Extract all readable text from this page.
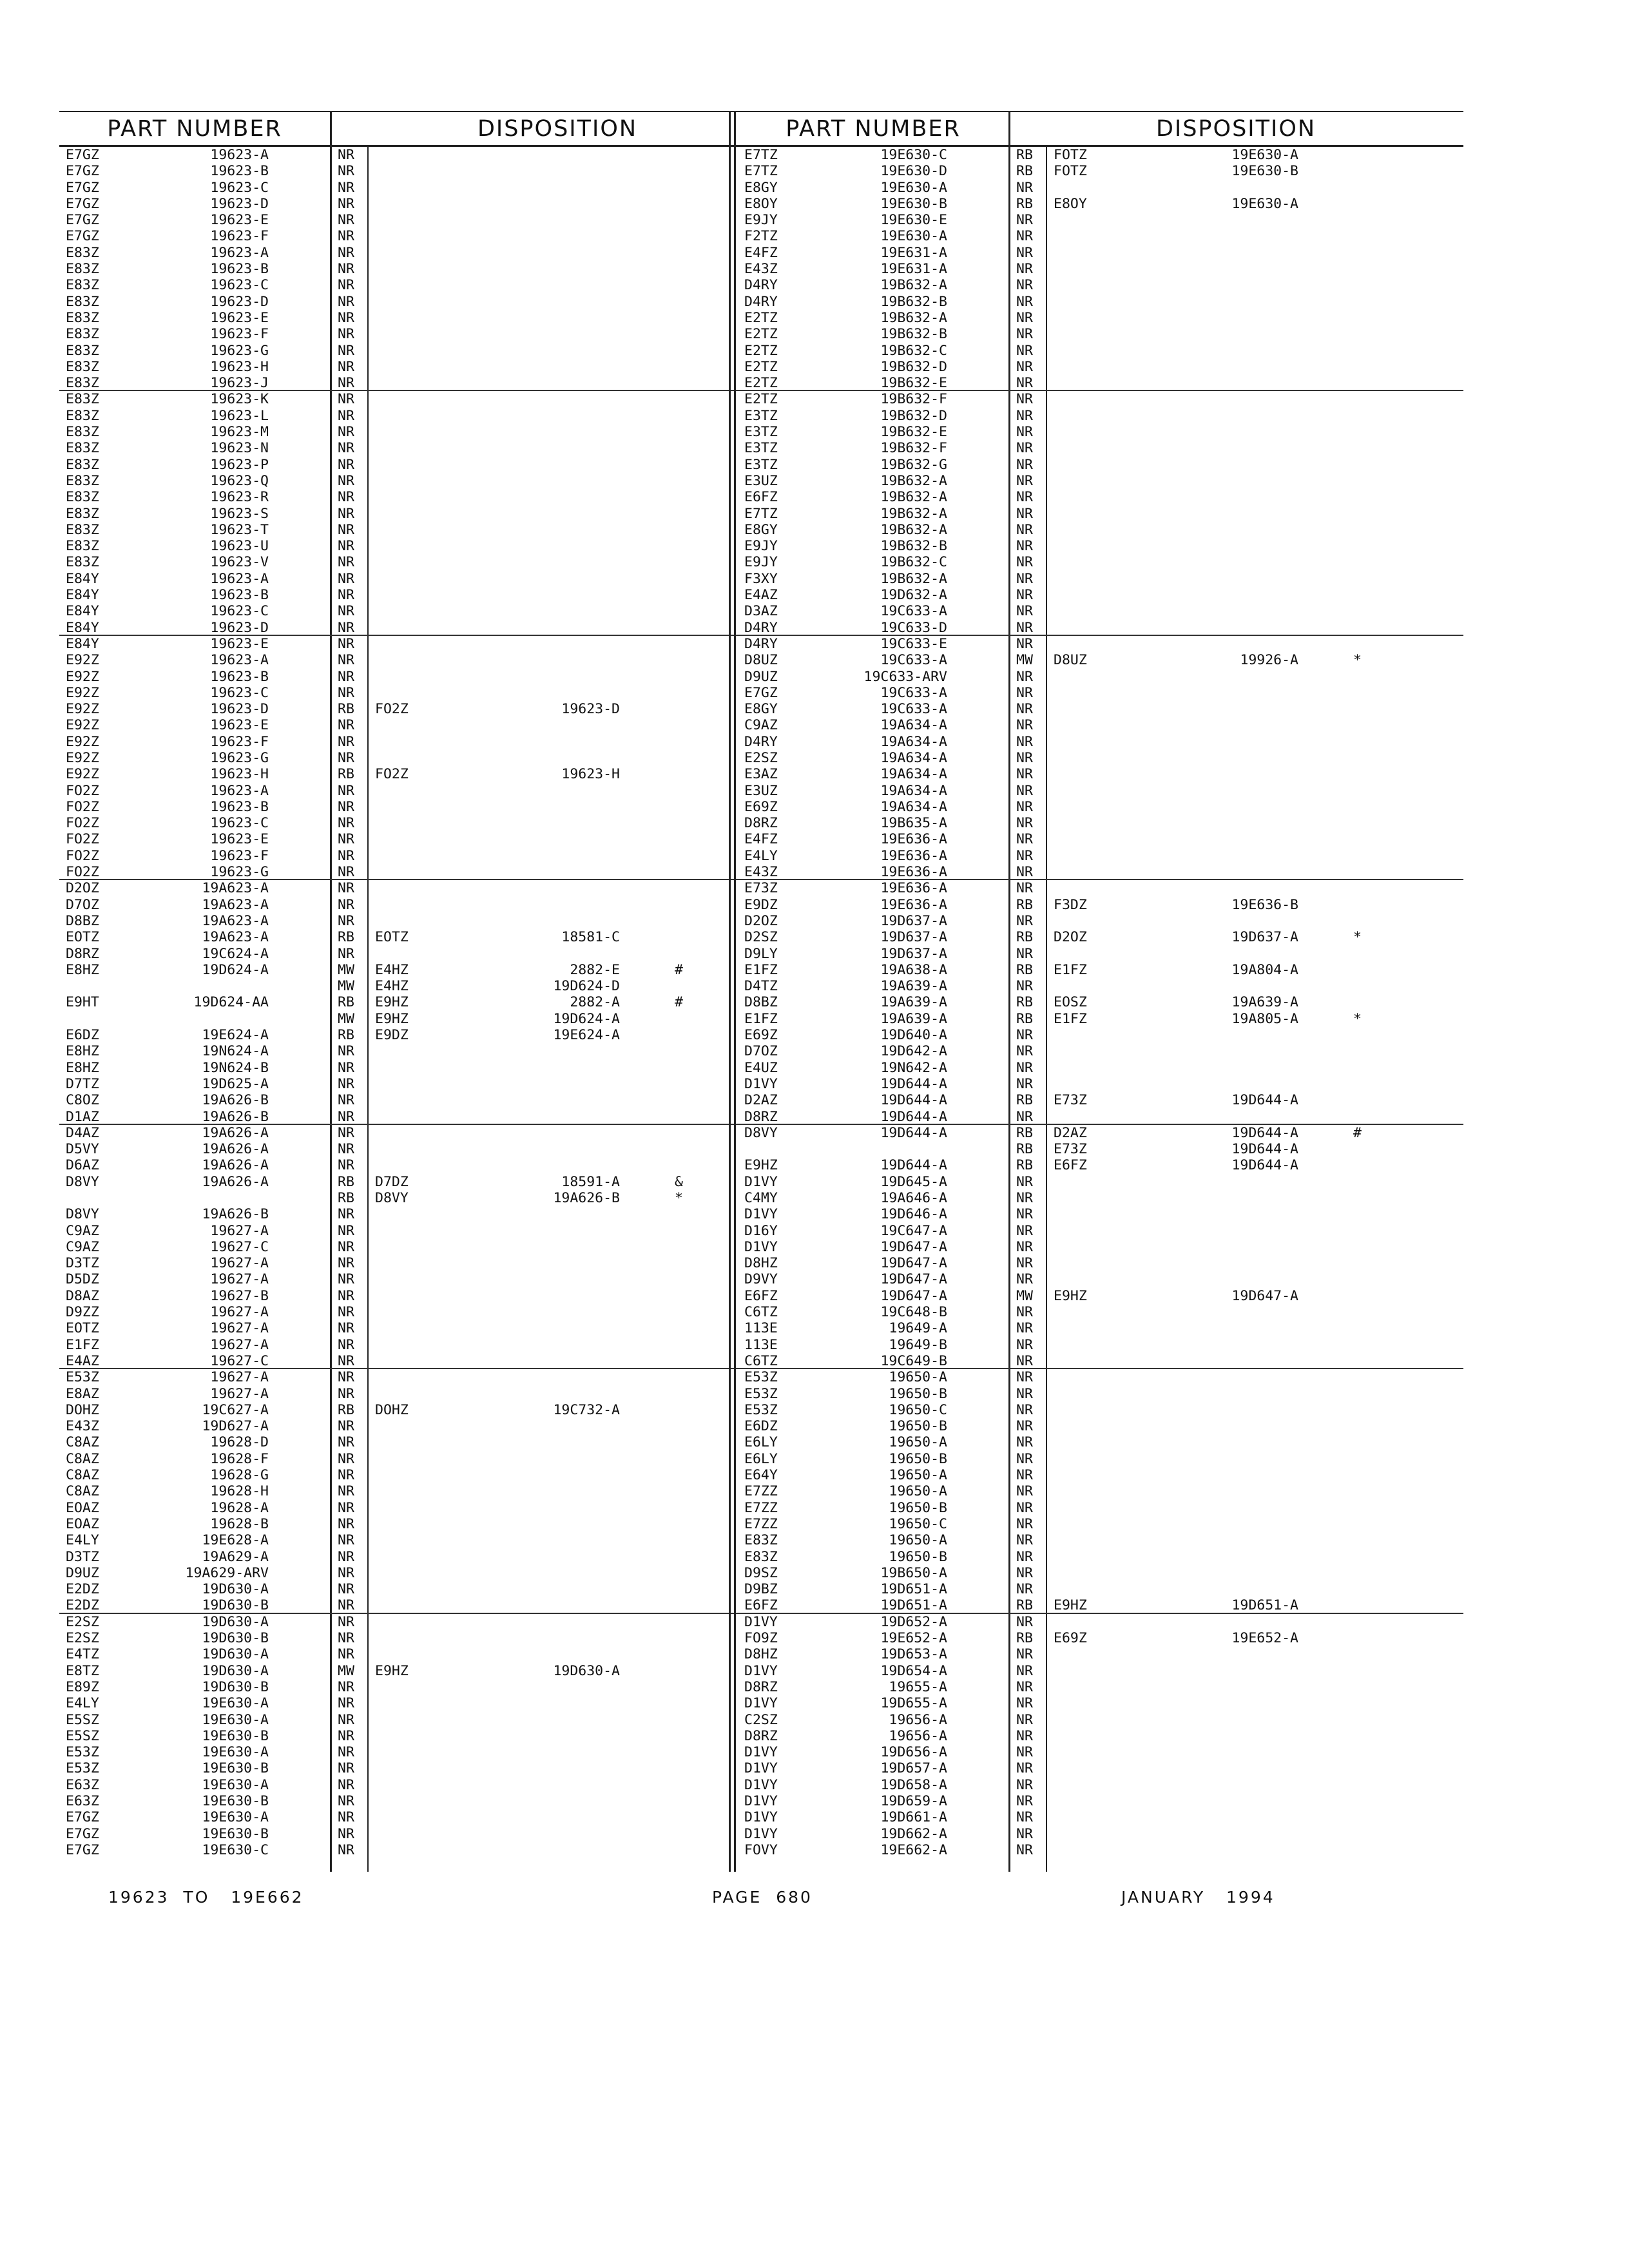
PART NUMBER	DISPOSITION
E7GZ	19623-A	NR
E7GZ	19623-B	NR
E7GZ	19623-C	NR
E7GZ	19623-D	NR
E7GZ	19623-E	NR
E7GZ	19623-F	NR
E83Z	19623-A	NR
E83Z	19623-B	NR
E83Z	19623-C	NR
E83Z	19623-D	NR
E83Z	19623-E	NR
E83Z	19623-F	NR
E83Z	19623-G	NR
E83Z	19623-H	NR
E83Z	19623-J	NR
E83Z	19623-K	NR
E83Z	19623-L	NR
E83Z	19623-M	NR
E83Z	19623-N	NR
E83Z	19623-P	NR
E83Z	19623-Q	NR
E83Z	19623-R	NR
E83Z	19623-S	NR
E83Z	19623-T	NR
E83Z	19623-U	NR
E83Z	19623-V	NR
E84Y	19623-A	NR
E84Y	19623-B	NR
E84Y	19623-C	NR
E84Y	19623-D	NR
E84Y	19623-E	NR
E92Z	19623-A	NR
E92Z	19623-B	NR
E92Z	19623-C	NR
E92Z	19623-D	RB FO2Z	19623-D
E92Z	19623-E	NR
E92Z	19623-F	NR
E92Z	19623-G	NR
E92Z	19623-H	RB FO2Z	19623-H
FO2Z	19623-A	NR
FO2Z	19623-B	NR
FO2Z	19623-C	NR
FO2Z	19623-E	NR
FO2Z	19623-F	NR
FO2Z	19623-G	NR
D2OZ	19A623-A	NR
D7OZ	19A623-A	NR
D8BZ	19A623-A	NR
EOTZ	19A623-A	RB EOTZ	18581-C
D8RZ	19C624-A	NR
E8HZ	19D624-A	MW E4HZ	2882-E	#
MW E4HZ	19D624-D
E9HT	19D624-AA	RB E9HZ	2882-A	#
MW E9HZ	19D624-A
E6DZ	19E624-A	RB E9DZ	19E624-A
E8HZ	19N624-A	NR
E8HZ	19N624-B	NR
D7TZ	19D625-A	NR
C8OZ	19A626-B	NR
D1AZ	19A626-B	NR
D4AZ	19A626-A	NR
D5VY	19A626-A	NR
D6AZ	19A626-A	NR
D8VY	19A626-A	RB D7DZ	18591-A	&
RB D8VY	19A626-B	*
D8VY	19A626-B	NR
C9AZ	19627-A	NR
C9AZ	19627-C	NR
D3TZ	19627-A	NR
D5DZ	19627-A	NR
D8AZ	19627-B	NR
D9ZZ	19627-A	NR
EOTZ	19627-A	NR
E1FZ	19627-A	NR
E4AZ	19627-C	NR
E53Z	19627-A	NR
E8AZ	19627-A	NR
DOHZ	19C627-A	RB DOHZ	19C732-A
E43Z	19D627-A	NR
C8AZ	19628-D	NR
C8AZ	19628-F	NR
C8AZ	19628-G	NR
C8AZ	19628-H	NR
EOAZ	19628-A	NR
EOAZ	19628-B	NR
E4LY	19E628-A	NR
D3TZ	19A629-A	NR
D9UZ	19A629-ARV	NR
E2DZ	19D630-A	NR
E2DZ	19D630-B	NR
E2SZ	19D630-A	NR
E2SZ	19D630-B	NR
E4TZ	19D630-A	NR
E8TZ	19D630-A	MW E9HZ	19D630-A
E89Z	19D630-B	NR
E4LY	19E630-A	NR
E5SZ	19E630-A	NR
E5SZ	19E630-B	NR
E53Z	19E630-A	NR
E53Z	19E630-B	NR
E63Z	19E630-A	NR
E63Z	19E630-B	NR
E7GZ	19E630-A	NR
E7GZ	19E630-B	NR
E7GZ	19E630-C	NR
PART NUMBER	DISPOSITION
E7TZ	19E630-C	RB FOTZ	19E630-A
E7TZ	19E630-D	RB FOTZ	19E630-B
E8GY	19E630-A	NR
E8OY	19E630-B	RB E8OY	19E630-A
E9JY	19E630-E	NR
F2TZ	19E630-A	NR
E4FZ	19E631-A	NR
E43Z	19E631-A	NR
D4RY	19B632-A	NR
D4RY	19B632-B	NR
E2TZ	19B632-A	NR
E2TZ	19B632-B	NR
E2TZ	19B632-C	NR
E2TZ	19B632-D	NR
E2TZ	19B632-E	NR
E2TZ	19B632-F	NR
E3TZ	19B632-D	NR
E3TZ	19B632-E	NR
E3TZ	19B632-F	NR
E3TZ	19B632-G	NR
E3UZ	19B632-A	NR
E6FZ	19B632-A	NR
E7TZ	19B632-A	NR
E8GY	19B632-A	NR
E9JY	19B632-B	NR
E9JY	19B632-C	NR
F3XY	19B632-A	NR
E4AZ	19D632-A	NR
D3AZ	19C633-A	NR
D4RY	19C633-D	NR
D4RY	19C633-E	NR
D8UZ	19C633-A	MW D8UZ	19926-A	*
D9UZ	19C633-ARV	NR
E7GZ	19C633-A	NR
E8GY	19C633-A	NR
C9AZ	19A634-A	NR
D4RY	19A634-A	NR
E2SZ	19A634-A	NR
E3AZ	19A634-A	NR
E3UZ	19A634-A	NR
E69Z	19A634-A	NR
D8RZ	19B635-A	NR
E4FZ	19E636-A	NR
E4LY	19E636-A	NR
E43Z	19E636-A	NR
E73Z	19E636-A	NR
E9DZ	19E636-A	RB F3DZ	19E636-B
D2OZ	19D637-A	NR
D2SZ	19D637-A	RB D2OZ	19D637-A	*
D9LY	19D637-A	NR
E1FZ	19A638-A	RB E1FZ	19A804-A
D4TZ	19A639-A	NR
D8BZ	19A639-A	RB EOSZ	19A639-A
E1FZ	19A639-A	RB E1FZ	19A805-A	*
E69Z	19D640-A	NR
D7OZ	19D642-A	NR
E4UZ	19N642-A	NR
D1VY	19D644-A	NR
D2AZ	19D644-A	RB E73Z	19D644-A
D8RZ	19D644-A	NR
D8VY	19D644-A	RB D2AZ	19D644-A	#
RB E73Z	19D644-A
E9HZ	19D644-A	RB E6FZ	19D644-A
D1VY	19D645-A	NR
C4MY	19A646-A	NR
D1VY	19D646-A	NR
D16Y	19C647-A	NR
D1VY	19D647-A	NR
D8HZ	19D647-A	NR
D9VY	19D647-A	NR
E6FZ	19D647-A	MW E9HZ	19D647-A
C6TZ	19C648-B	NR
113E	19649-A	NR
113E	19649-B	NR
C6TZ	19C649-B	NR
E53Z	19650-A	NR
E53Z	19650-B	NR
E53Z	19650-C	NR
E6DZ	19650-B	NR
E6LY	19650-A	NR
E6LY	19650-B	NR
E64Y	19650-A	NR
E7ZZ	19650-A	NR
E7ZZ	19650-B	NR
E7ZZ	19650-C	NR
E83Z	19650-A	NR
E83Z	19650-B	NR
D9SZ	19B650-A	NR
D9BZ	19D651-A	NR
E6FZ	19D651-A	RB E9HZ	19D651-A
D1VY	19D652-A	NR
FO9Z	19E652-A	RB E69Z	19E652-A
D8HZ	19D653-A	NR
D1VY	19D654-A	NR
D8RZ	19655-A	NR
D1VY	19D655-A	NR
C2SZ	19656-A	NR
D8RZ	19656-A	NR
D1VY	19D656-A	NR
D1VY	19D657-A	NR
D1VY	19D658-A	NR
D1VY	19D659-A	NR
D1VY	19D661-A	NR
D1VY	19D662-A	NR
FOVY	19E662-A	NR
19623  TO   19E662	PAGE  680	JANUARY   1994
